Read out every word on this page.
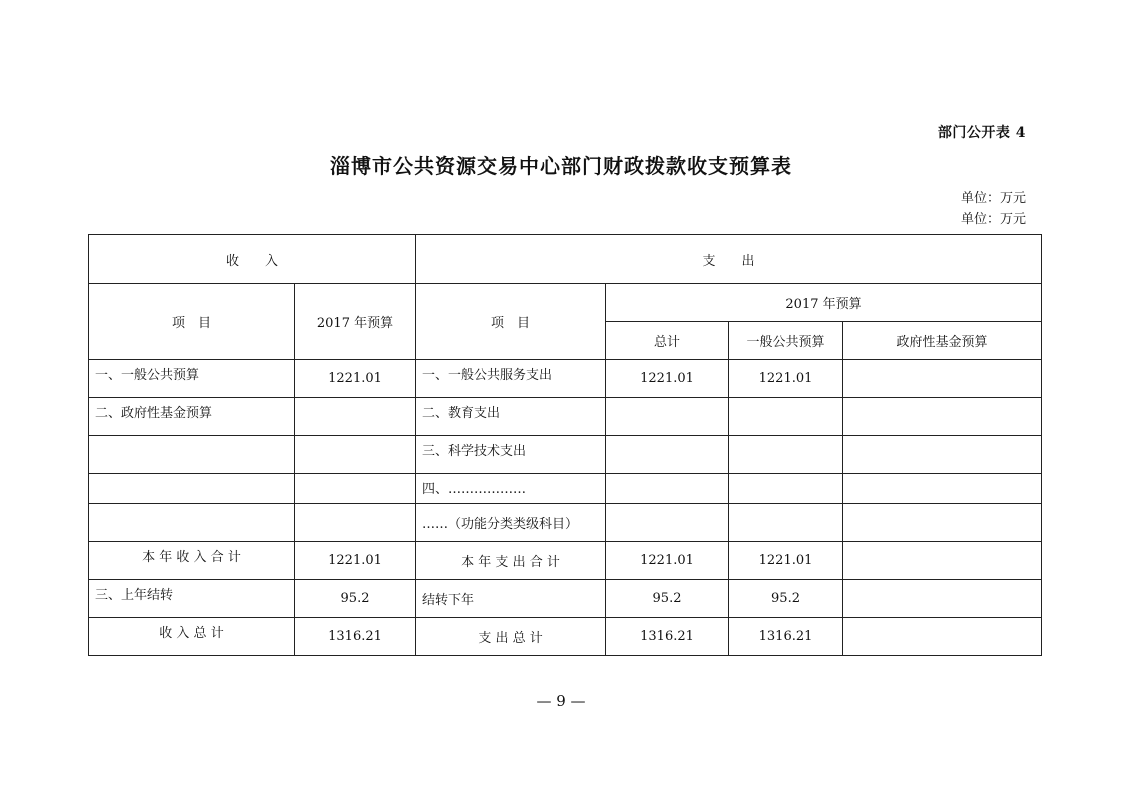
部门公开表 4
淄博市公共资源交易中心部门财政拨款收支预算表
单位：万元
单位：万元
收　　入		支　　出			
项　目	2017 年预算	项　目	2017 年预算		
			总计	一般公共预算	政府性基金预算
一、一般公共预算	1221.01	一、一般公共服务支出	1221.01	1221.01	
二、政府性基金预算		二、教育支出			
		三、科学技术支出			
		四、………………			
		……（功能分类类级科目）			
本 年 收 入 合 计	1221.01	本 年 支 出 合 计	1221.01	1221.01	
三、上年结转	95.2	结转下年	95.2	95.2	
收 入 总 计	1316.21	支 出 总 计	1316.21	1316.21	
— 9 —
